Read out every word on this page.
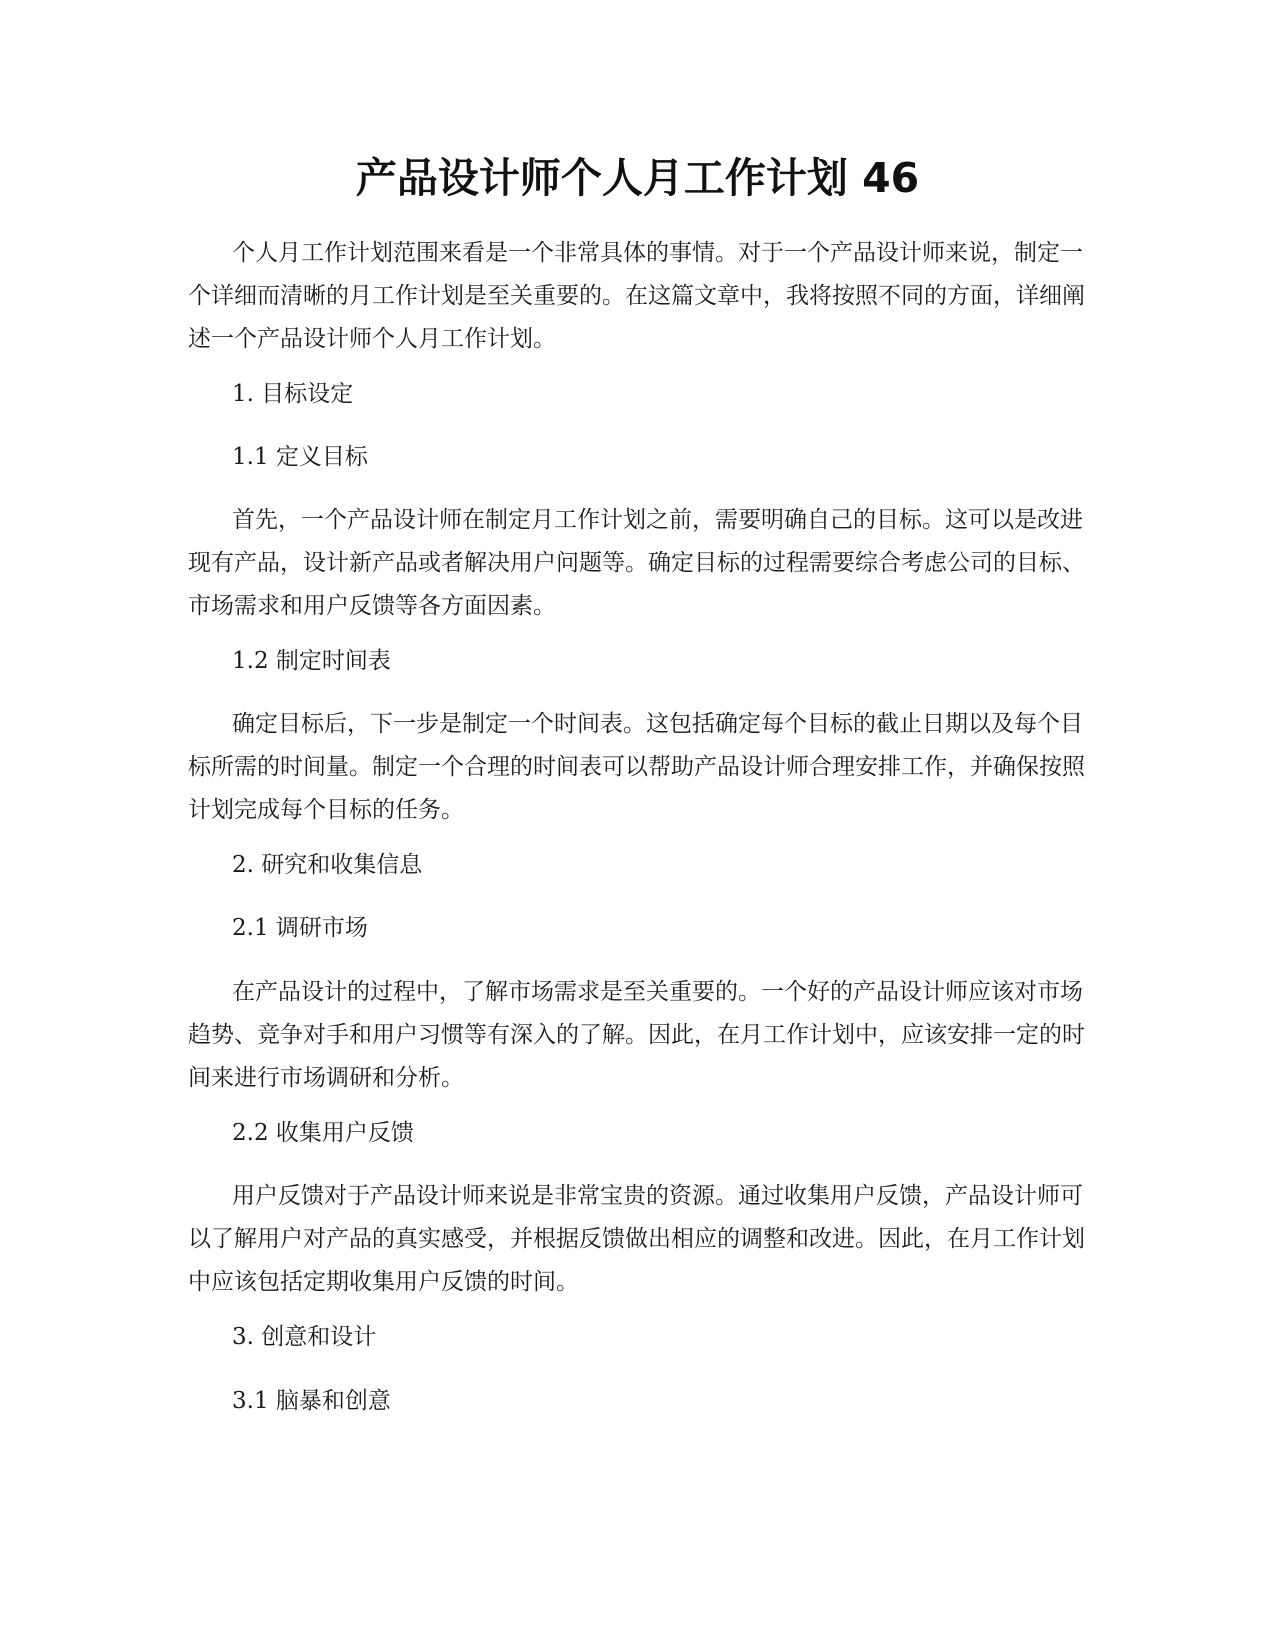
产品设计师个人月工作计划 46

个人月工作计划范围来看是一个非常具体的事情。对于一个产品设计师来说，制定一个详细而清晰的月工作计划是至关重要的。在这篇文章中，我将按照不同的方面，详细阐述一个产品设计师个人月工作计划。

1. 目标设定

1.1 定义目标

首先，一个产品设计师在制定月工作计划之前，需要明确自己的目标。这可以是改进现有产品，设计新产品或者解决用户问题等。确定目标的过程需要综合考虑公司的目标、市场需求和用户反馈等各方面因素。

1.2 制定时间表

确定目标后，下一步是制定一个时间表。这包括确定每个目标的截止日期以及每个目标所需的时间量。制定一个合理的时间表可以帮助产品设计师合理安排工作，并确保按照计划完成每个目标的任务。

2. 研究和收集信息

2.1 调研市场

在产品设计的过程中，了解市场需求是至关重要的。一个好的产品设计师应该对市场趋势、竞争对手和用户习惯等有深入的了解。因此，在月工作计划中，应该安排一定的时间来进行市场调研和分析。

2.2 收集用户反馈

用户反馈对于产品设计师来说是非常宝贵的资源。通过收集用户反馈，产品设计师可以了解用户对产品的真实感受，并根据反馈做出相应的调整和改进。因此，在月工作计划中应该包括定期收集用户反馈的时间。

3. 创意和设计

3.1 脑暴和创意
